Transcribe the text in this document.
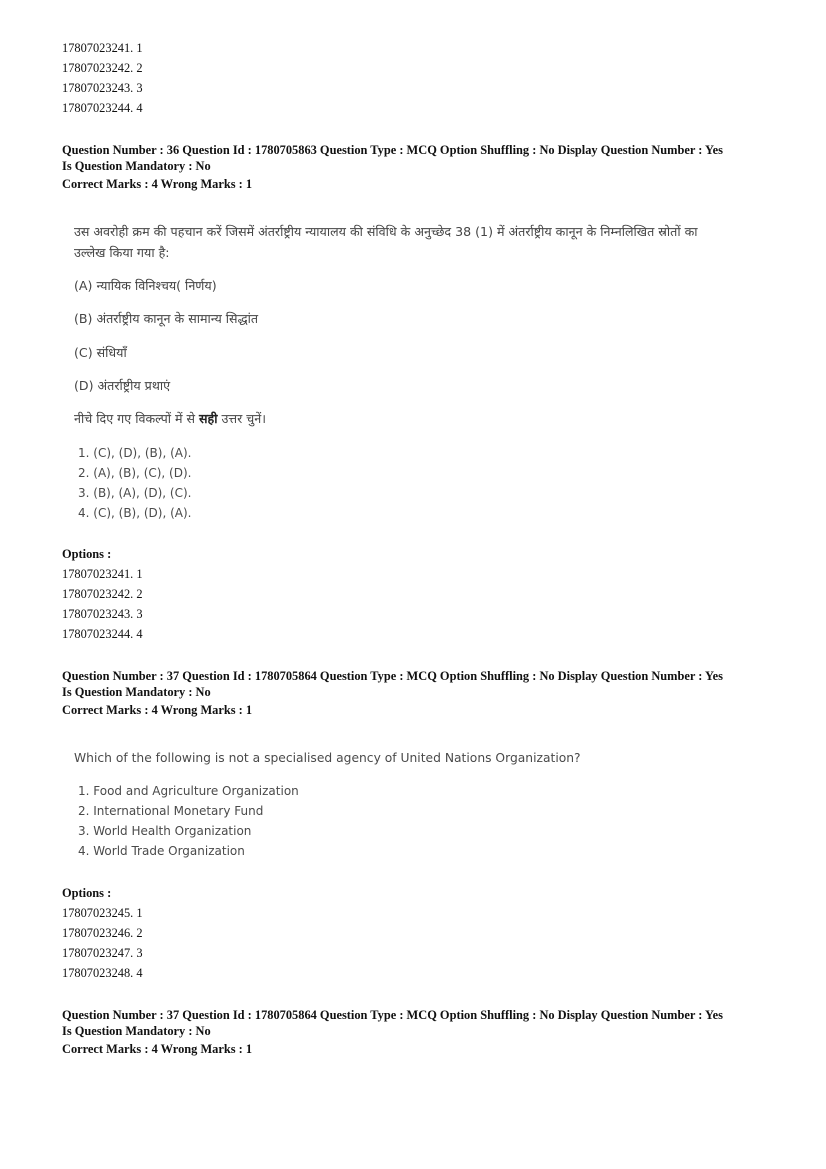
17807023241. 1
17807023242. 2
17807023243. 3
17807023244. 4
Question Number : 36 Question Id : 1780705863 Question Type : MCQ Option Shuffling : No Display Question Number : Yes
Is Question Mandatory : No
Correct Marks : 4 Wrong Marks : 1
उस अवरोही क्रम की पहचान करें जिसमें अंतर्राष्ट्रीय न्यायालय की संविधि के अनुच्छेद 38 (1) में अंतर्राष्ट्रीय कानून के निम्नलिखित स्रोतों का
उल्लेख किया गया है:
(A) न्यायिक विनिश्चय( निर्णय)
(B) अंतर्राष्ट्रीय कानून के सामान्य सिद्धांत
(C) संधियाँ
(D) अंतर्राष्ट्रीय प्रथाएं
नीचे दिए गए विकल्पों में से सही उत्तर चुनें।
1. (C), (D), (B), (A).
2. (A), (B), (C), (D).
3. (B), (A), (D), (C).
4. (C), (B), (D), (A).
Options :
17807023241. 1
17807023242. 2
17807023243. 3
17807023244. 4
Question Number : 37 Question Id : 1780705864 Question Type : MCQ Option Shuffling : No Display Question Number : Yes
Is Question Mandatory : No
Correct Marks : 4 Wrong Marks : 1
Which of the following is not a specialised agency of United Nations Organization?
1. Food and Agriculture Organization
2. International Monetary Fund
3. World Health Organization
4. World Trade Organization
Options :
17807023245. 1
17807023246. 2
17807023247. 3
17807023248. 4
Question Number : 37 Question Id : 1780705864 Question Type : MCQ Option Shuffling : No Display Question Number : Yes
Is Question Mandatory : No
Correct Marks : 4 Wrong Marks : 1
